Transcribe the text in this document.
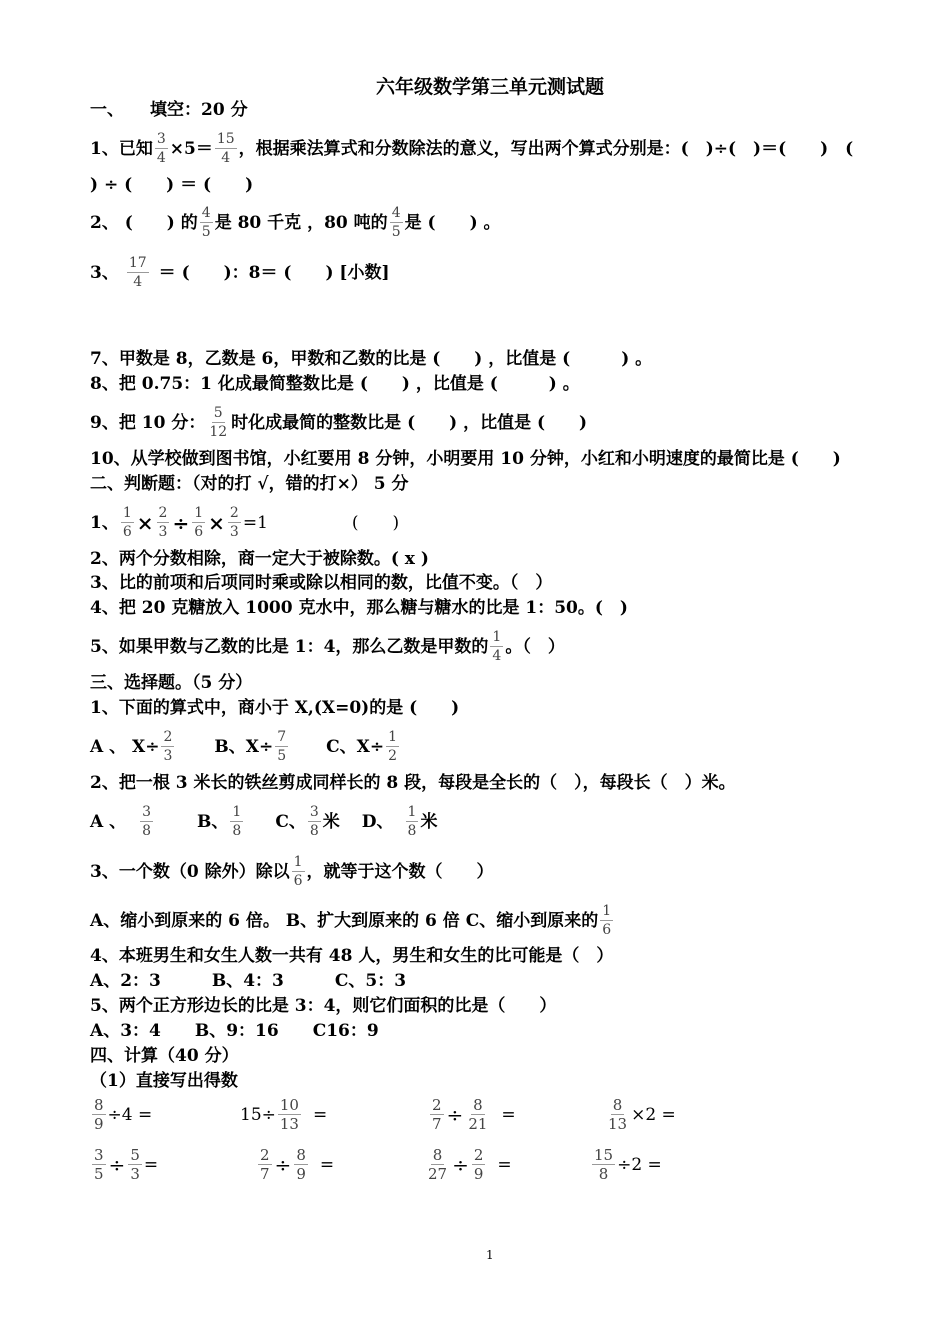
六年级数学第三单元测试题
一、 填空：20 分
1、已知 $\frac{3}{4} \times 5= \frac{15}{4}$ ，根据乘法算式和分数除法的意义，写出两个算式分别是：(　)÷(　)＝(　　)　(
) ÷ (　　) ＝ (　　)
2、 (　　) 的 $\frac{4}{5}$ 是 80 千克 ，80 吨的 $\frac{4}{5}$ 是 (　　) 。
3、 $\frac{17}{4}$ ＝ (　　)：8＝ (　　) [小数]
7、甲数是 8，乙数是 6，甲数和乙数的比是 (　　) ，比值是 (　　　) 。
8、把 0.75：1 化成最简整数比是 (　　) ，比值是 (　　　) 。
9、把 10 分： $\frac{5}{12}$ 时化成最简的整数比是 (　　) ，比值是 (　　)
10、从学校做到图书馆，小红要用 8 分钟，小明要用 10 分钟，小红和小明速度的最简比是 (　　)
二、判断题：（对的打 √，错的打×） 5 分
1、 $\frac{1}{6} \times \frac{2}{3} \div \frac{1}{6} \times \frac{2}{3} =1$	(　　)
2、两个分数相除，商一定大于被除数。( x )
3、比的前项和后项同时乘或除以相同的数，比值不变。（　）
4、把 20 克糖放入 1000 克水中，那么糖与糖水的比是 1：50。(　)
5、如果甲数与乙数的比是 1：4，那么乙数是甲数的 $\frac{1}{4}$ 。（　）
三、选择题。（5 分）
1、下面的算式中，商小于 X,(X=0)的是 (　　)
A 、 $X\div \frac{2}{3}$ B、$X\div \frac{7}{5}$ C、$X\div \frac{1}{2}$
2、把一根 3 米长的铁丝剪成同样长的 8 段，每段是全长的（　），每段长（　）米。
A 、 $\frac{3}{8}$	B、 $\frac{1}{8}$ C、 $\frac{3}{8}$ 米 D、 $\frac{1}{8}$ 米
3、一个数（0 除外）除以 $\frac{1}{6}$ ，就等于这个数（　　）
A、缩小到原来的 6 倍。 B、扩大到原来的 6 倍 C、缩小到原来的 $\frac{1}{6}$
4、本班男生和女生人数一共有 48 人，男生和女生的比可能是（　）
A、2：3　　　B、4：3　　　C、5：3
5、两个正方形边长的比是 3：4，则它们面积的比是（　　）
A、3：4　　B、9：16　　C16：9
四、计算（40 分）
（1）直接写出得数
$\frac{8}{9} \div 4$ =	$15\div \frac{10}{13}$ =	$\frac{2}{7} \div \frac{8}{21}$ =	$\frac{8}{13} \times 2$ =
$\frac{3}{5} \div \frac{5}{3}$ =	$\frac{2}{7} \div \frac{8}{9}$ =	$\frac{8}{27} \div \frac{2}{9}$ =	$\frac{15}{8} \div 2$ =
1
